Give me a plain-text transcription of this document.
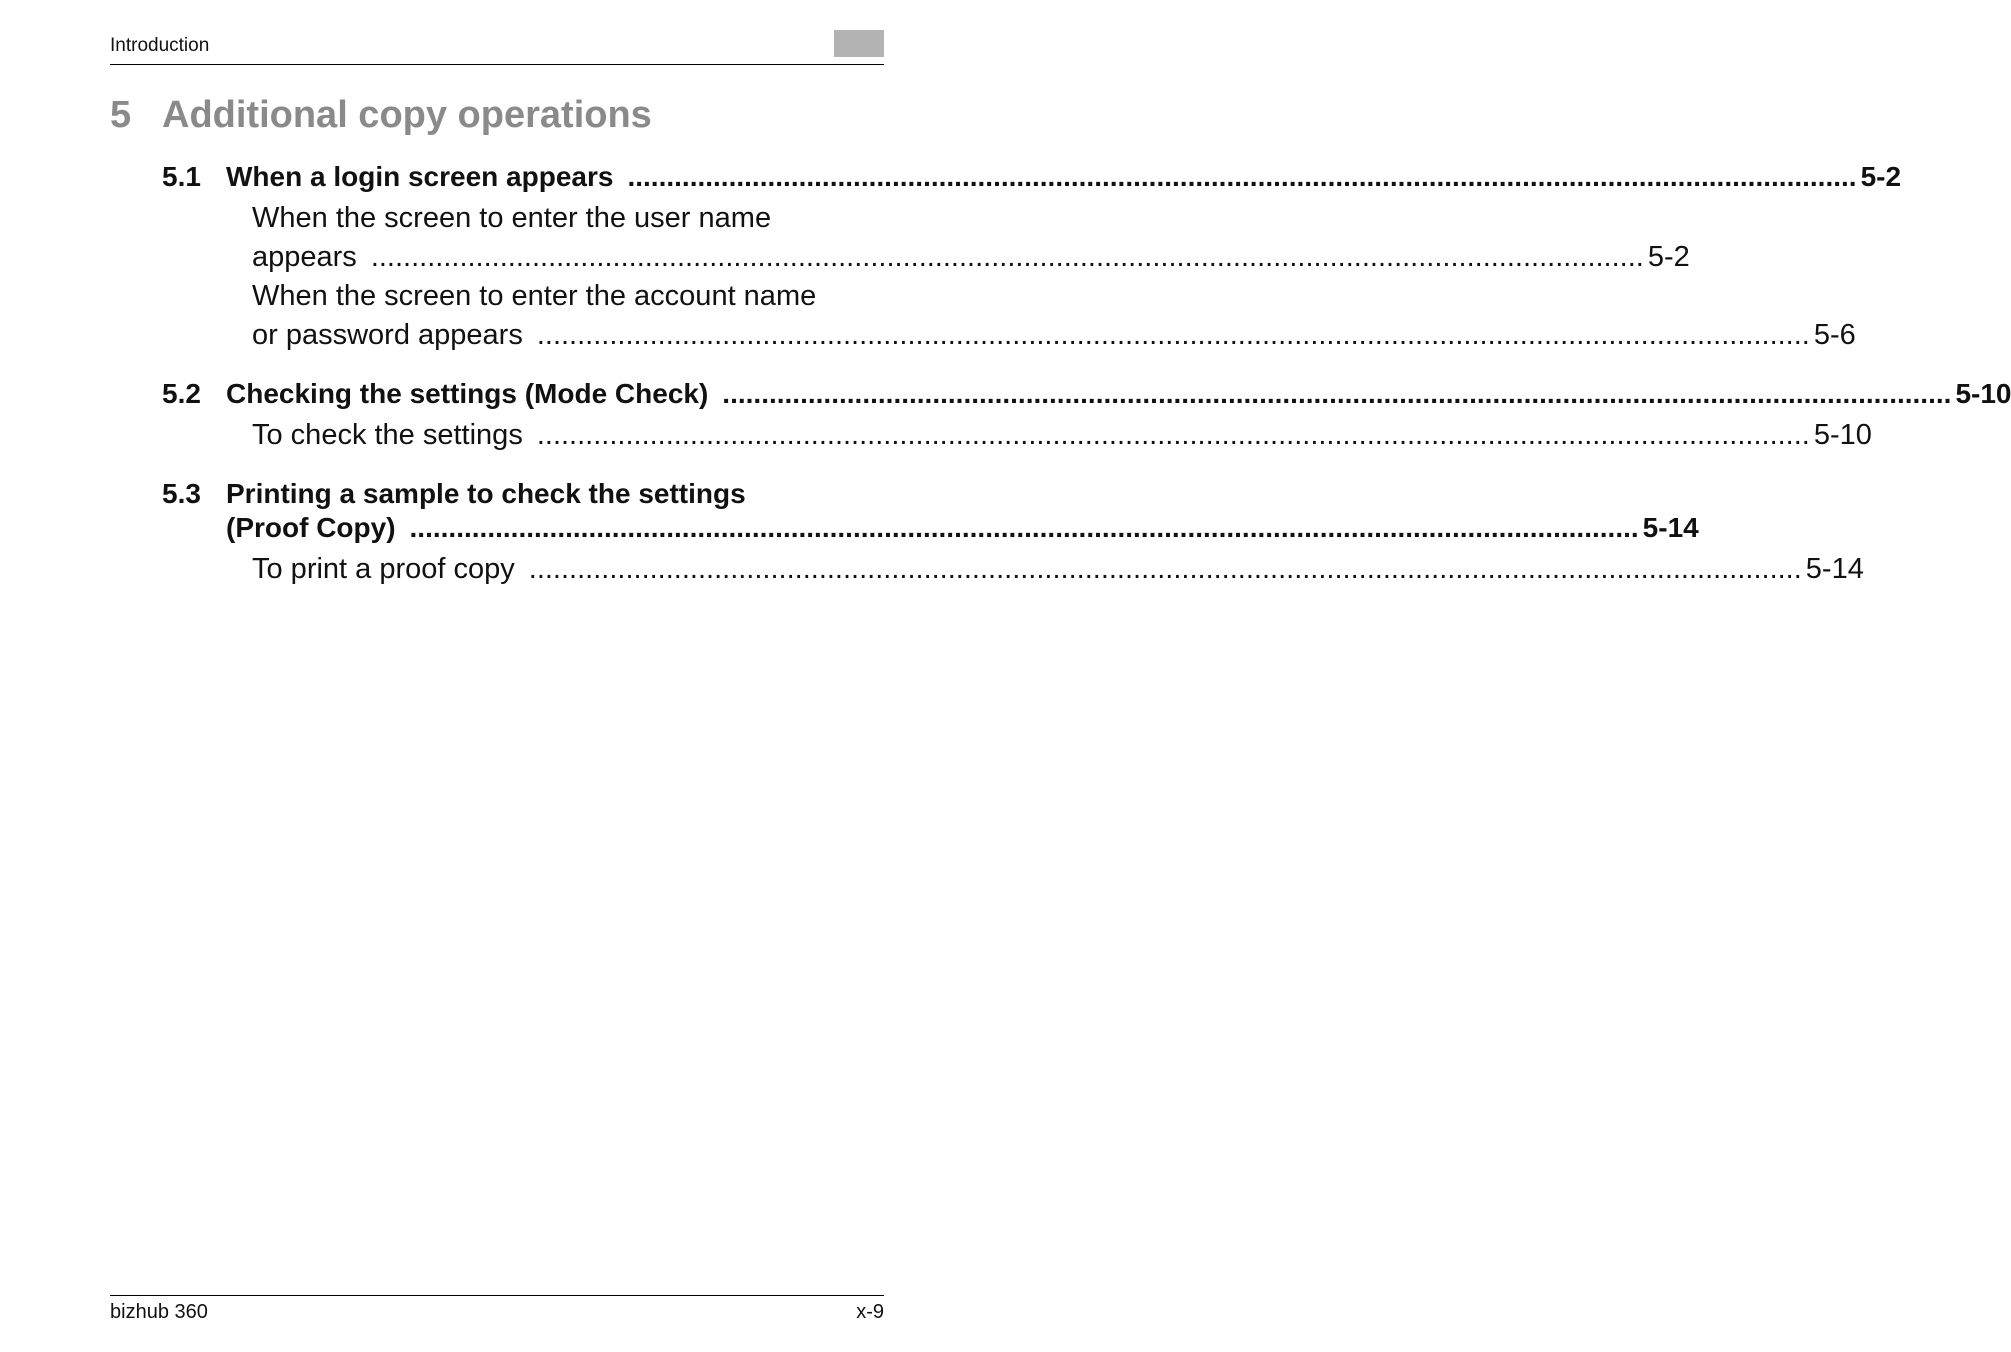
Introduction
5 Additional copy operations
5.1 When a login screen appears .....	5-2
When the screen to enter the user name
appears .....	5-2
When the screen to enter the account name
or password appears .....	5-6
5.2 Checking the settings (Mode Check) .....	5-10
To check the settings .....	5-10
5.3 Printing a sample to check the settings
(Proof Copy) .....	5-14
To print a proof copy .....	5-14
bizhub 360	x-9
